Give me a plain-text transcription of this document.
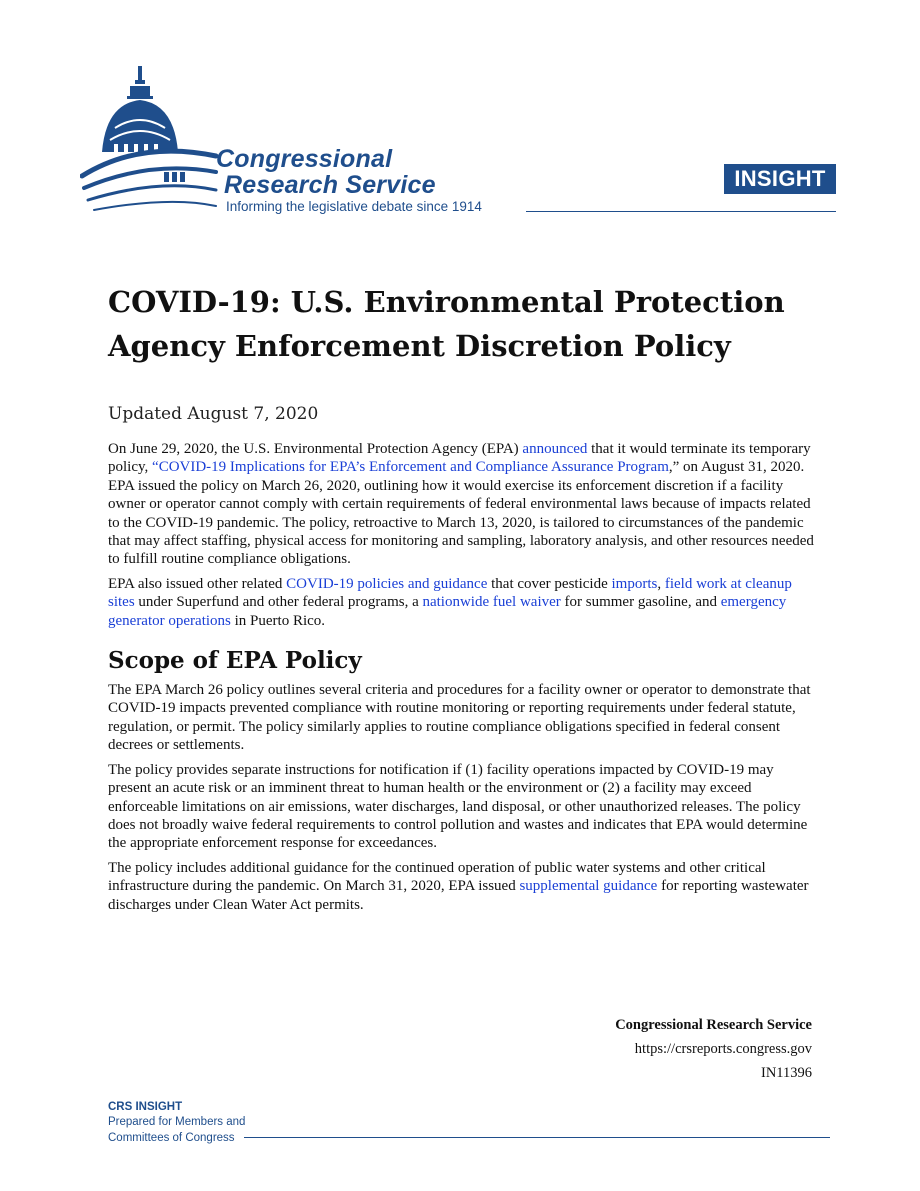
Congressional
Research Service
Informing the legislative debate since 1914
INSIGHT
COVID-19: U.S. Environmental Protection Agency Enforcement Discretion Policy
Updated August 7, 2020

On June 29, 2020, the U.S. Environmental Protection Agency (EPA) announced that it would terminate its temporary policy, “COVID-19 Implications for EPA’s Enforcement and Compliance Assurance Program,” on August 31, 2020. EPA issued the policy on March 26, 2020, outlining how it would exercise its enforcement discretion if a facility owner or operator cannot comply with certain requirements of federal environmental laws because of impacts related to the COVID-19 pandemic. The policy, retroactive to March 13, 2020, is tailored to circumstances of the pandemic that may affect staffing, physical access for monitoring and sampling, laboratory analysis, and other resources needed to fulfill routine compliance obligations.

EPA also issued other related COVID-19 policies and guidance that cover pesticide imports, field work at cleanup sites under Superfund and other federal programs, a nationwide fuel waiver for summer gasoline, and emergency generator operations in Puerto Rico.

Scope of EPA Policy

The EPA March 26 policy outlines several criteria and procedures for a facility owner or operator to demonstrate that COVID-19 impacts prevented compliance with routine monitoring or reporting requirements under federal statute, regulation, or permit. The policy similarly applies to routine compliance obligations specified in federal consent decrees or settlements.

The policy provides separate instructions for notification if (1) facility operations impacted by COVID-19 may present an acute risk or an imminent threat to human health or the environment or (2) a facility may exceed enforceable limitations on air emissions, water discharges, land disposal, or other unauthorized releases. The policy does not broadly waive federal requirements to control pollution and wastes and indicates that EPA would determine the appropriate enforcement response for exceedances.

The policy includes additional guidance for the continued operation of public water systems and other critical infrastructure during the pandemic. On March 31, 2020, EPA issued supplemental guidance for reporting wastewater discharges under Clean Water Act permits.

Congressional Research Service
https://crsreports.congress.gov
IN11396
CRS INSIGHT
Prepared for Members and
Committees of Congress
